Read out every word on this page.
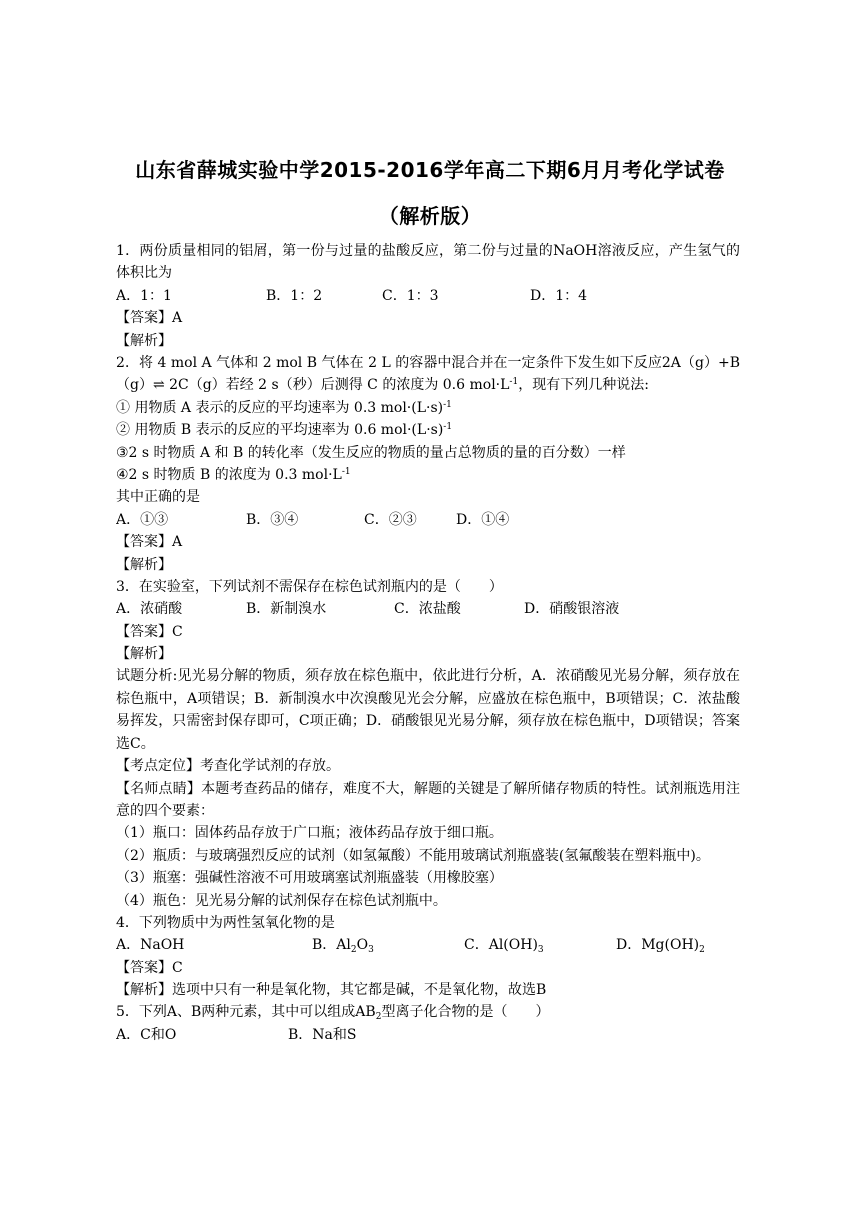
山东省薛城实验中学2015-2016学年高二下期6月月考化学试卷
（解析版）
1．两份质量相同的铝屑，第一份与过量的盐酸反应，第二份与过量的NaOH溶液反应，产生氢气的体积比为
A．1：1	B．1：2	C．1：3	D．1：4
【答案】A
【解析】
2．将 4 mol A 气体和 2 mol B 气体在 2 L 的容器中混合并在一定条件下发生如下反应2A（g）+B（g）⇌ 2C（g）若经 2 s（秒）后测得 C 的浓度为 0.6 $mol\cdot L^{-1}$，现有下列几种说法:
① 用物质 A 表示的反应的平均速率为 0.3 $mol\cdot(L\cdot s)^{-1}$
② 用物质 B 表示的反应的平均速率为 0.6 $mol\cdot(L\cdot s)^{-1}$
③2 s 时物质 A 和 B 的转化率（发生反应的物质的量占总物质的量的百分数）一样
④2 s 时物质 B 的浓度为 0.3 $mol\cdot L^{-1}$
其中正确的是
A．①③	B．③④	C．②③	D．①④
【答案】A
【解析】
3．在实验室，下列试剂不需保存在棕色试剂瓶内的是（　　）
A．浓硝酸	B．新制溴水	C．浓盐酸	D．硝酸银溶液
【答案】C
【解析】
试题分析:见光易分解的物质，须存放在棕色瓶中，依此进行分析，A．浓硝酸见光易分解，须存放在棕色瓶中，A项错误；B．新制溴水中次溴酸见光会分解，应盛放在棕色瓶中，B项错误；C．浓盐酸易挥发，只需密封保存即可，C项正确；D．硝酸银见光易分解，须存放在棕色瓶中，D项错误；答案选C。
【考点定位】考查化学试剂的存放。
【名师点睛】本题考查药品的储存，难度不大，解题的关键是了解所储存物质的特性。试剂瓶选用注意的四个要素：
（1）瓶口：固体药品存放于广口瓶；液体药品存放于细口瓶。
（2）瓶质：与玻璃强烈反应的试剂（如氢氟酸）不能用玻璃试剂瓶盛装(氢氟酸装在塑料瓶中)。
（3）瓶塞：强碱性溶液不可用玻璃塞试剂瓶盛装（用橡胶塞）
（4）瓶色：见光易分解的试剂保存在棕色试剂瓶中。
4．下列物质中为两性氢氧化物的是
A．NaOH	B．$Al_2O_3$	C．$Al(OH)_3$	D．$Mg(OH)_2$
【答案】C
【解析】选项中只有一种是氧化物，其它都是碱，不是氧化物，故选B
5．下列A、B两种元素，其中可以组成$AB_2$型离子化合物的是（　　）
A．C和O	B．Na和S
